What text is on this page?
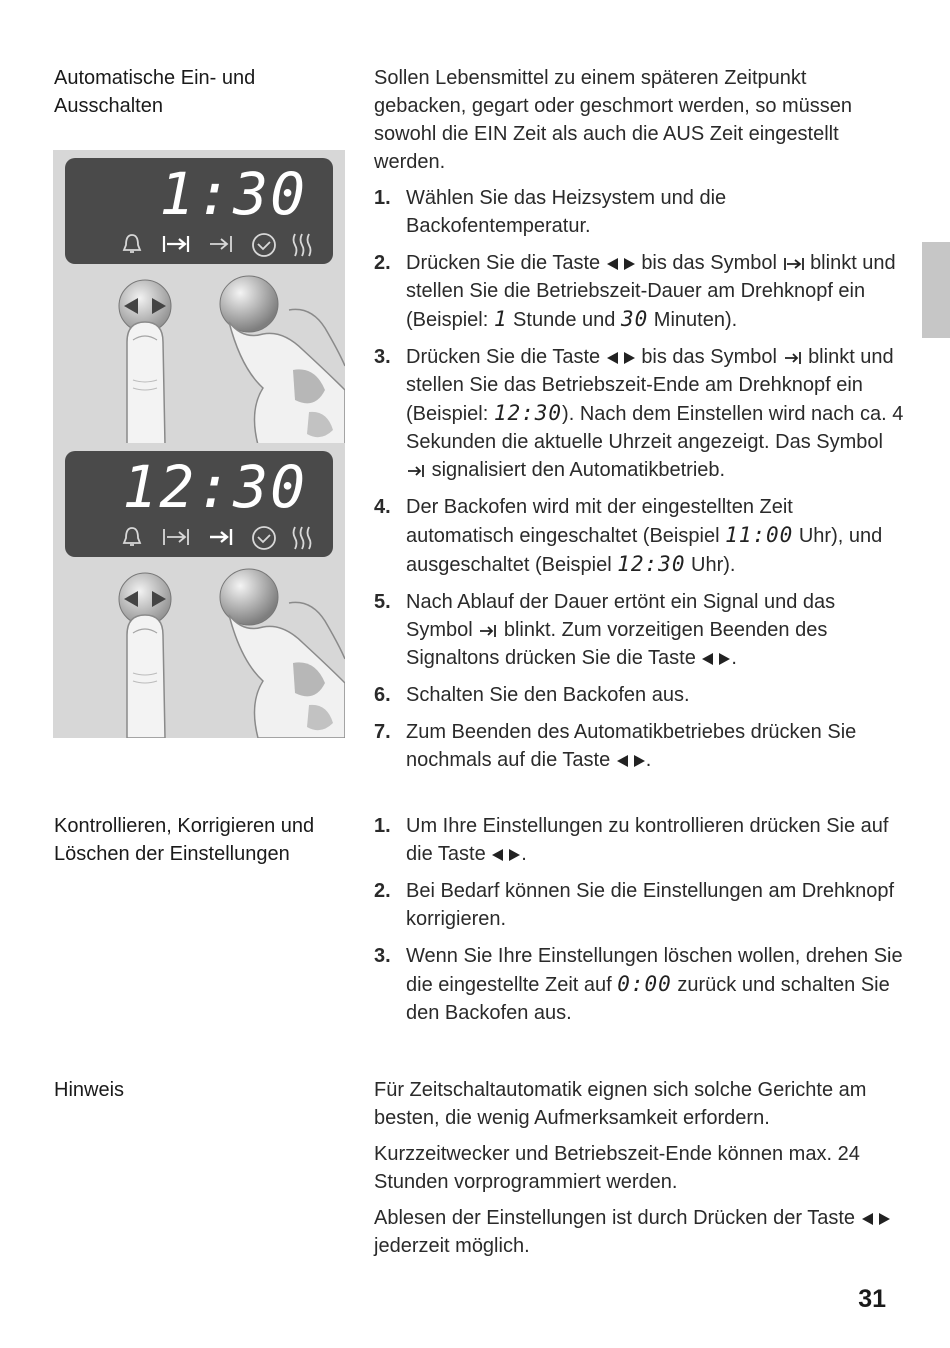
Automatische Ein- und
Ausschalten
1:30
12:30

Sollen Lebensmittel zu einem späteren Zeitpunkt gebacken, gegart oder geschmort werden, so müssen sowohl die EIN Zeit als auch die AUS Zeit eingestellt werden.

1. Wählen Sie das Heizsystem und die Backofentemperatur.
2. Drücken Sie die Taste bis das Symbol blinkt und stellen Sie die Betriebszeit-Dauer am Drehknopf ein (Beispiel: 1 Stunde und 30 Minuten).
3. Drücken Sie die Taste bis das Symbol blinkt und stellen Sie das Betriebszeit-Ende am Drehknopf ein (Beispiel: 12:30). Nach dem Einstellen wird nach ca. 4 Sekunden die aktuelle Uhrzeit angezeigt. Das Symbol  signalisiert den Automatikbetrieb.
4. Der Backofen wird mit der eingestellten Zeit automatisch eingeschaltet (Beispiel 11:00 Uhr), und ausgeschaltet (Beispiel 12:30 Uhr).
5. Nach Ablauf der Dauer ertönt ein Signal und das Symbol blinkt. Zum vorzeitigen Beenden des Signaltons drücken Sie die Taste .
6. Schalten Sie den Backofen aus.
7. Zum Beenden des Automatikbetriebes drücken Sie nochmals auf die Taste .
Kontrollieren, Korrigieren und
Löschen der Einstellungen
1. Um Ihre Einstellungen zu kontrollieren drücken Sie auf die Taste .
2. Bei Bedarf können Sie die Einstellungen am Drehknopf korrigieren.
3. Wenn Sie Ihre Einstellungen löschen wollen, drehen Sie die eingestellte Zeit auf 0:00 zurück und schalten Sie den Backofen aus.
Hinweis	Für Zeitschaltautomatik eignen sich solche Gerichte am besten, die wenig Aufmerksamkeit erfordern.

Kurzzeitwecker und Betriebszeit-Ende können max. 24 Stunden vorprogrammiert werden.

Ablesen der Einstellungen ist durch Drücken der Taste  jederzeit möglich.

31
